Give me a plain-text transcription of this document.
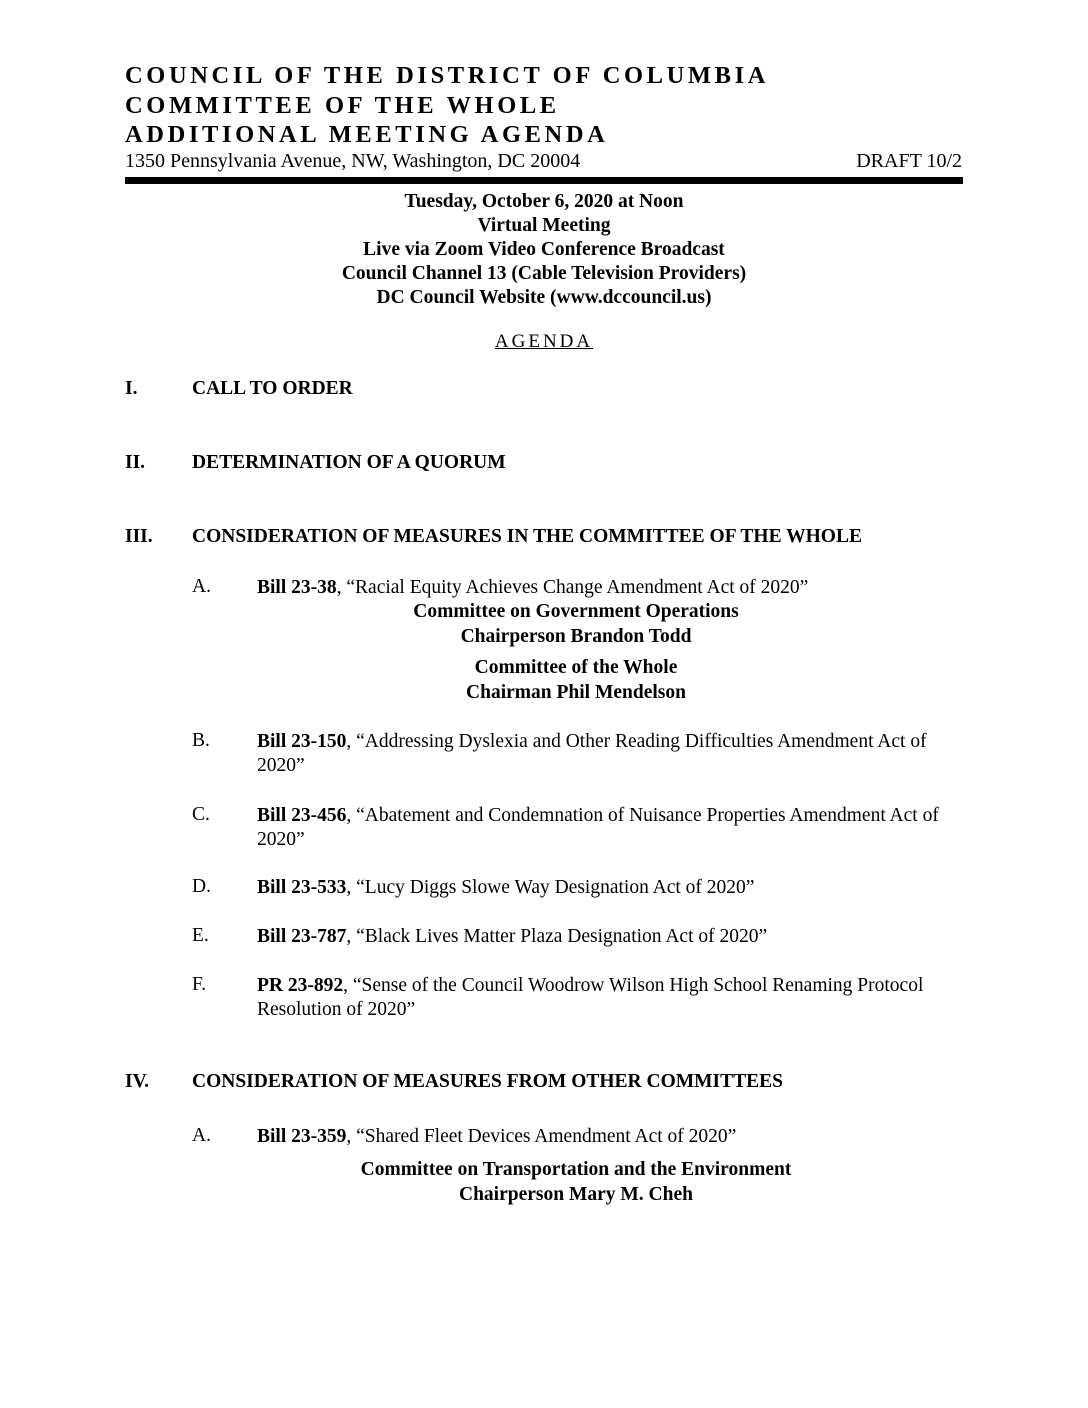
COUNCIL OF THE DISTRICT OF COLUMBIA
COMMITTEE OF THE WHOLE
ADDITIONAL MEETING AGENDA
1350 Pennsylvania Avenue, NW, Washington, DC 20004	DRAFT 10/2
Tuesday, October 6, 2020 at Noon
Virtual Meeting
Live via Zoom Video Conference Broadcast
Council Channel 13 (Cable Television Providers)
DC Council Website (www.dccouncil.us)
AGENDA
I.	CALL TO ORDER
II. DETERMINATION OF A QUORUM
III. CONSIDERATION OF MEASURES IN THE COMMITTEE OF THE WHOLE
A. Bill 23-38, “Racial Equity Achieves Change Amendment Act of 2020”
Committee on Government Operations
Chairperson Brandon Todd
Committee of the Whole
Chairman Phil Mendelson
B. Bill 23-150, “Addressing Dyslexia and Other Reading Difficulties Amendment Act of 2020”
C. Bill 23-456, “Abatement and Condemnation of Nuisance Properties Amendment Act of 2020”
D. Bill 23-533, “Lucy Diggs Slowe Way Designation Act of 2020”
E. Bill 23-787, “Black Lives Matter Plaza Designation Act of 2020”
F.	PR 23-892, “Sense of the Council Woodrow Wilson High School Renaming Protocol Resolution of 2020”
IV. CONSIDERATION OF MEASURES FROM OTHER COMMITTEES
A. Bill 23-359, “Shared Fleet Devices Amendment Act of 2020”
Committee on Transportation and the Environment
Chairperson Mary M. Cheh
